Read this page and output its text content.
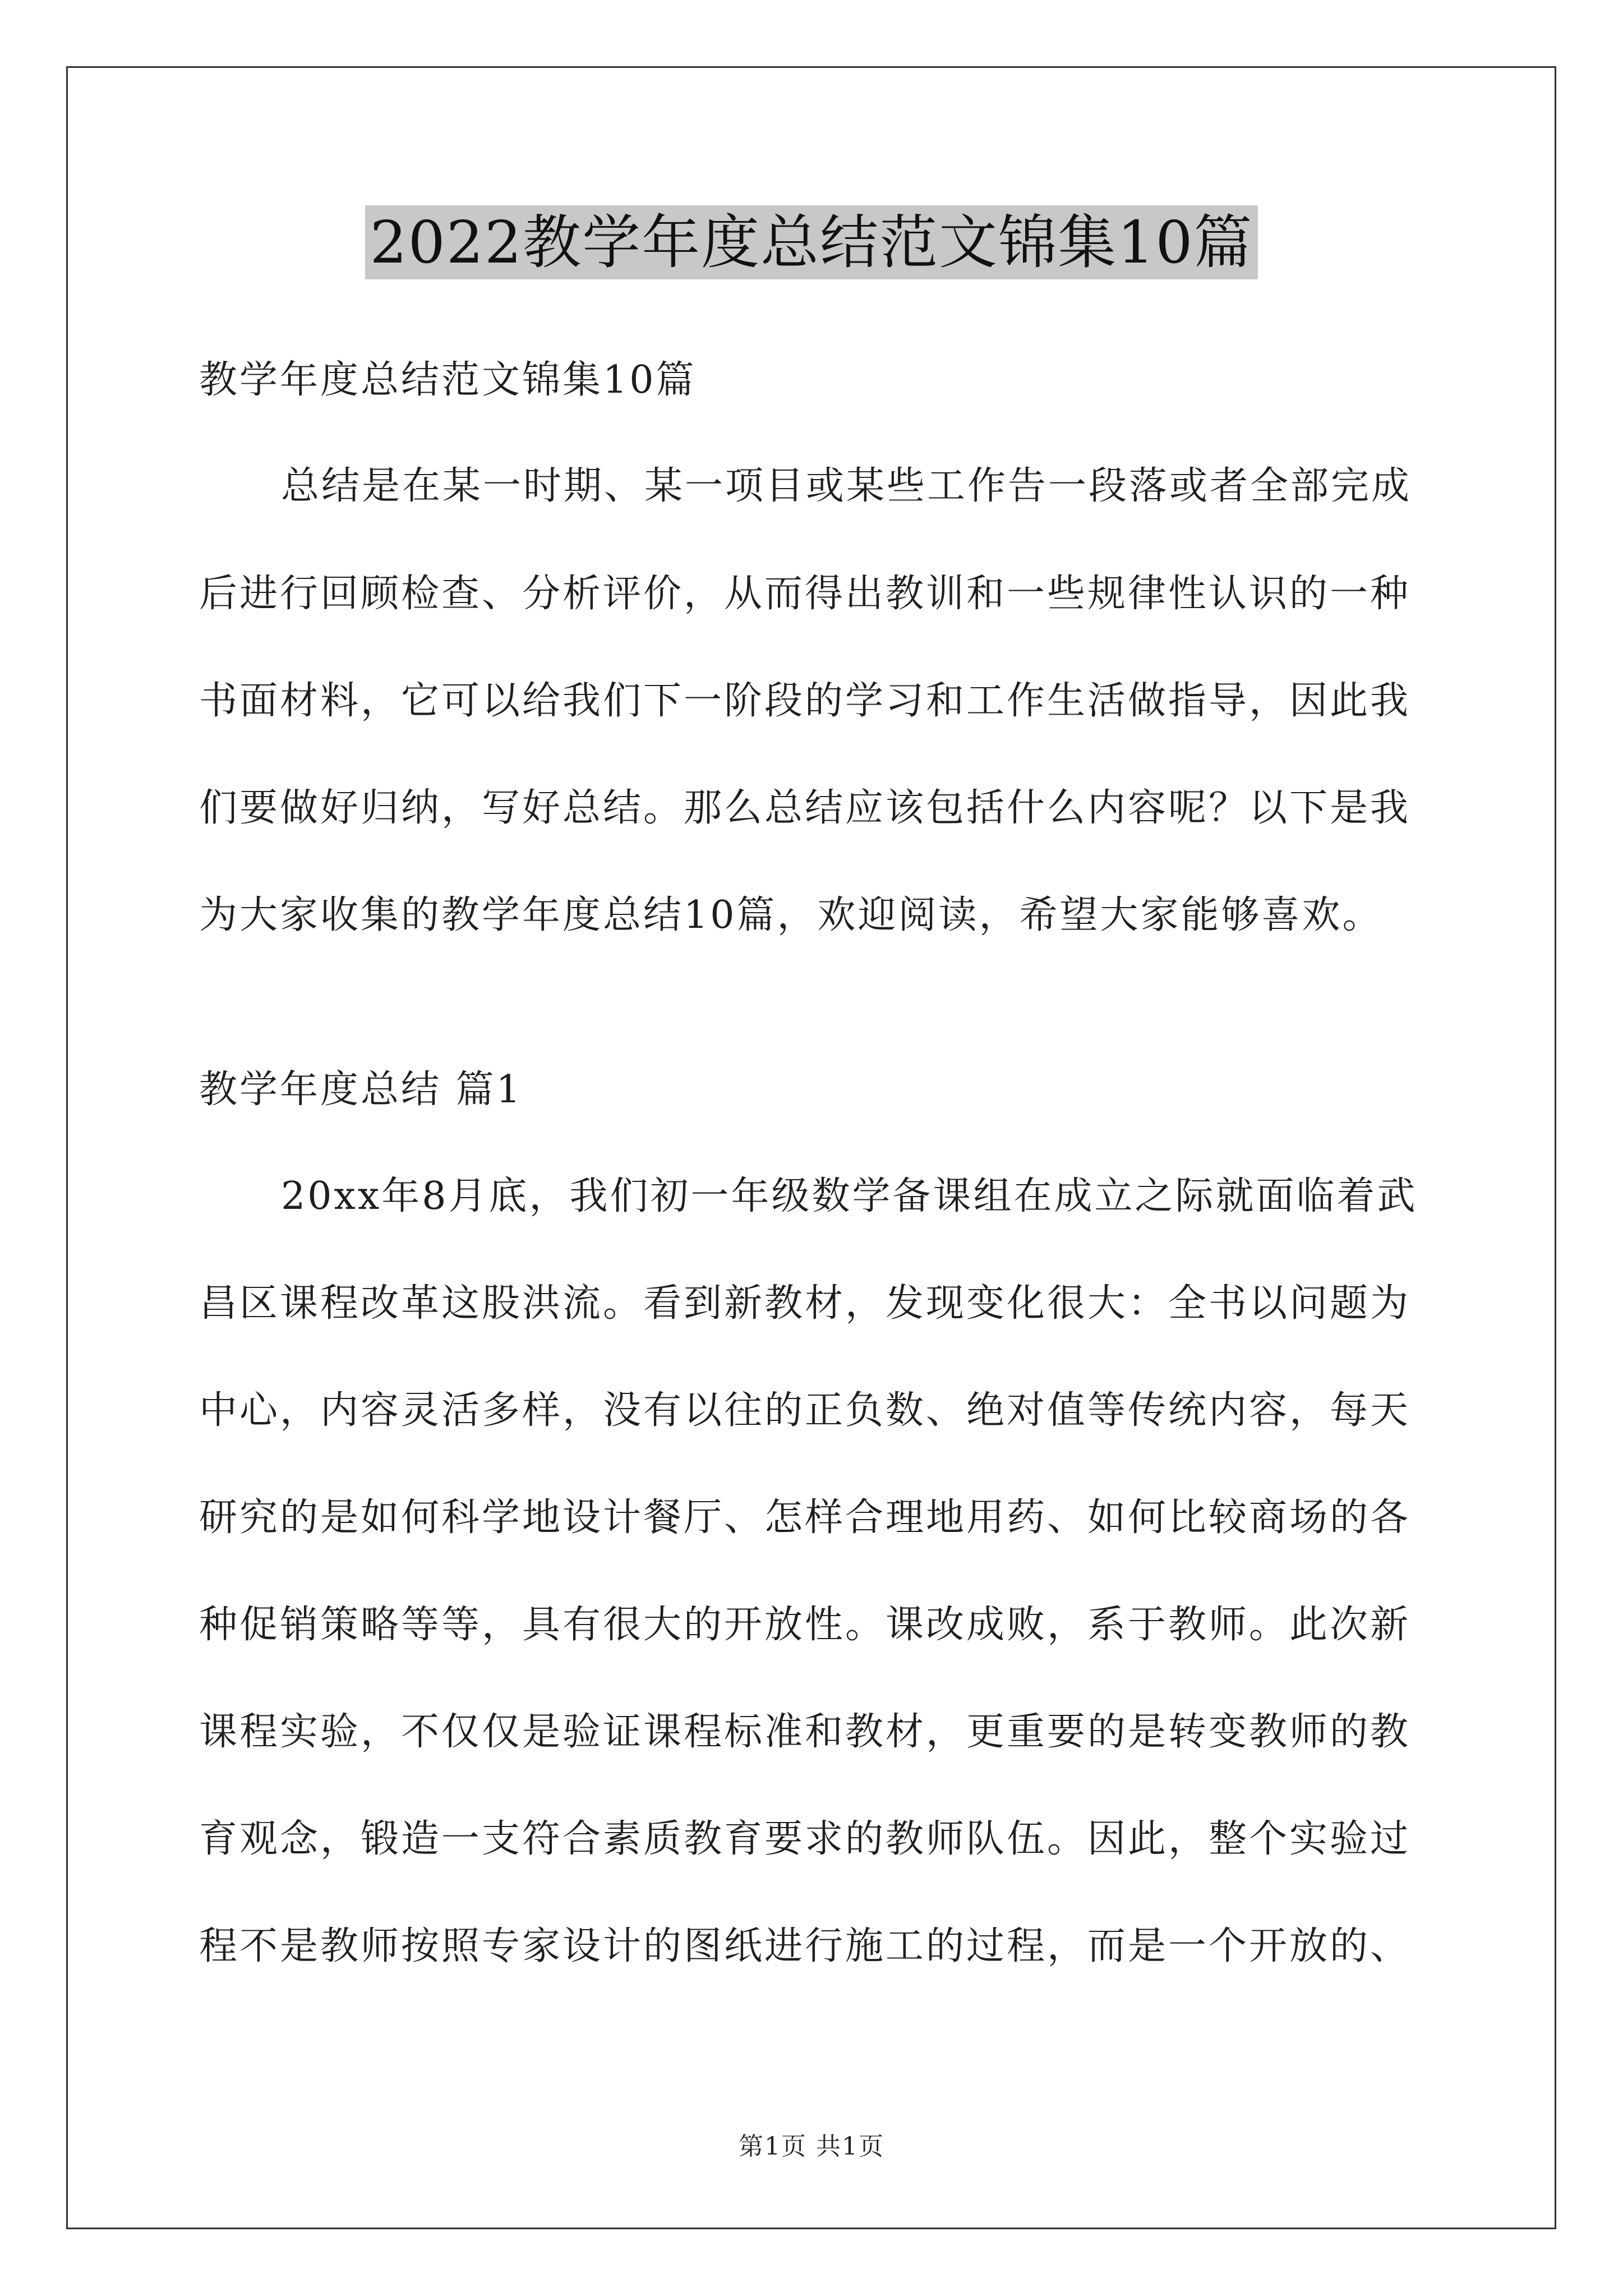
2022教学年度总结范文锦集10篇
教学年度总结范文锦集10篇
总结是在某一时期、某一项目或某些工作告一段落或者全部完成
后进行回顾检查、分析评价，从而得出教训和一些规律性认识的一种
书面材料，它可以给我们下一阶段的学习和工作生活做指导，因此我
们要做好归纳，写好总结。那么总结应该包括什么内容呢？以下是我
为大家收集的教学年度总结10篇，欢迎阅读，希望大家能够喜欢。
教学年度总结 篇1
20xx年8月底，我们初一年级数学备课组在成立之际就面临着武
昌区课程改革这股洪流。看到新教材，发现变化很大：全书以问题为
中心，内容灵活多样，没有以往的正负数、绝对值等传统内容，每天
研究的是如何科学地设计餐厅、怎样合理地用药、如何比较商场的各
种促销策略等等，具有很大的开放性。课改成败，系于教师。此次新
课程实验，不仅仅是验证课程标准和教材，更重要的是转变教师的教
育观念，锻造一支符合素质教育要求的教师队伍。因此，整个实验过
程不是教师按照专家设计的图纸进行施工的过程，而是一个开放的、
第1页 共1页
